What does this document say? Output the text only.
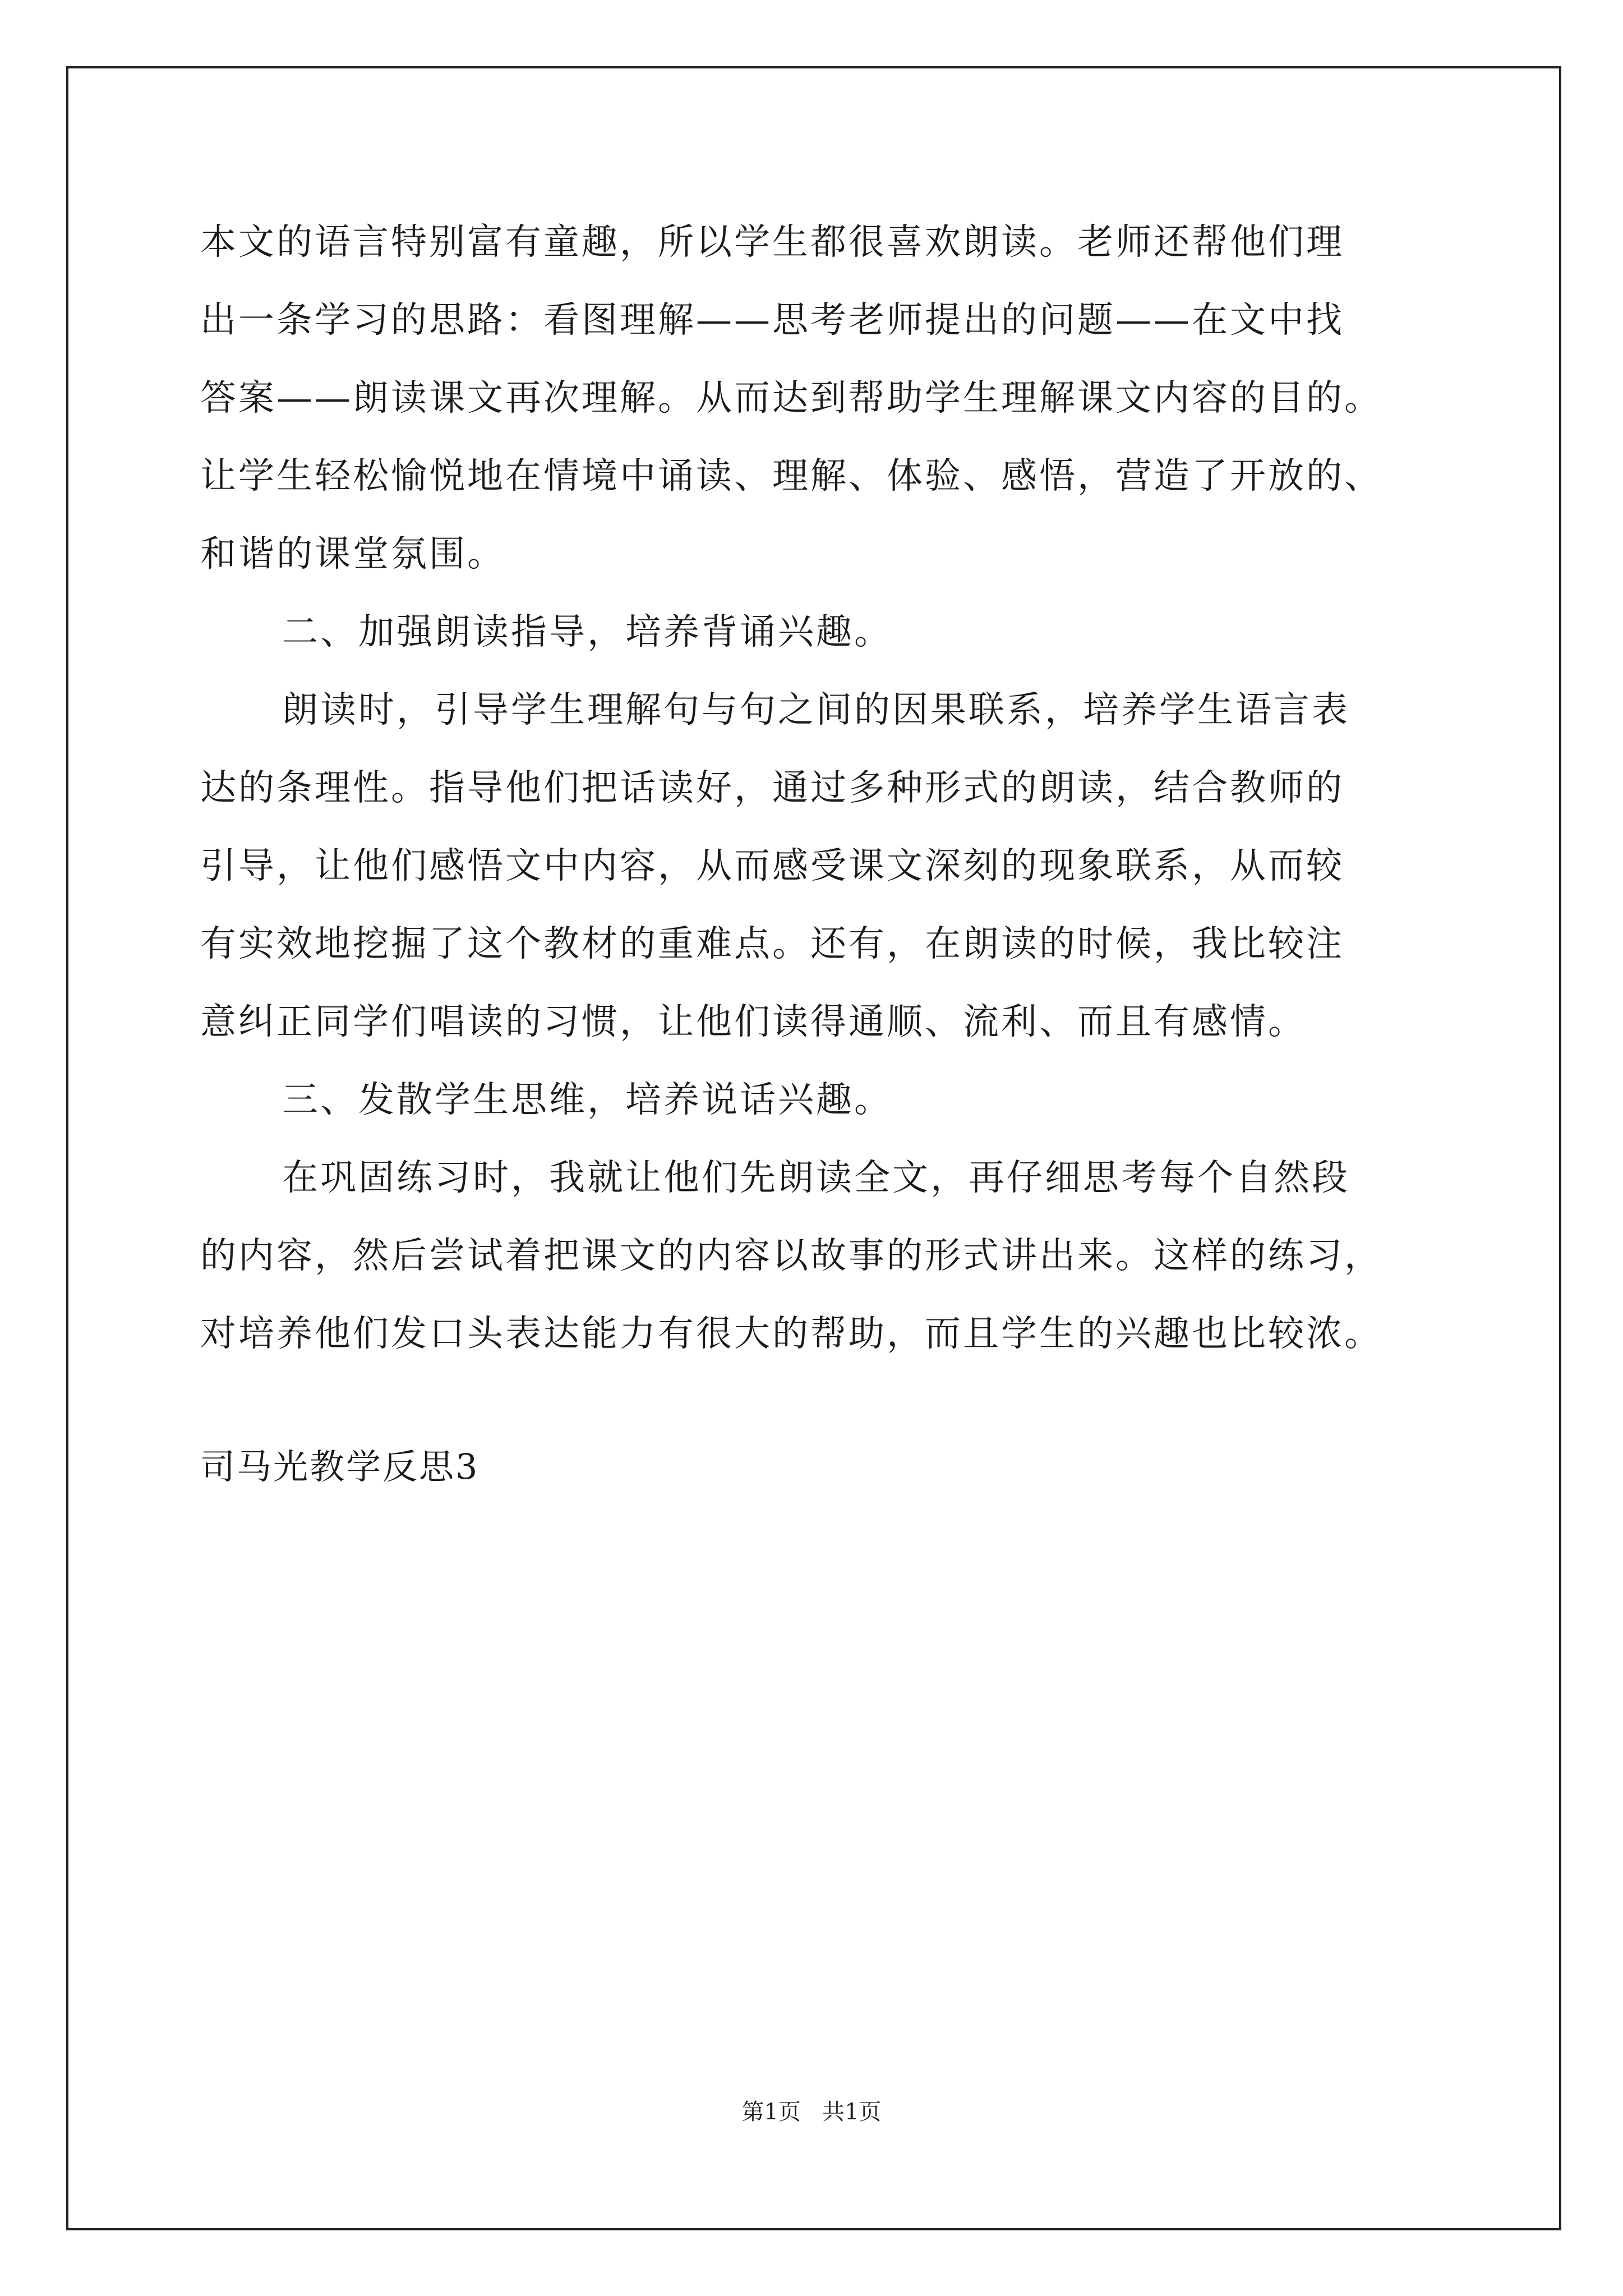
本文的语言特别富有童趣，所以学生都很喜欢朗读。老师还帮他们理

出一条学习的思路：看图理解——思考老师提出的问题——在文中找

答案——朗读课文再次理解。从而达到帮助学生理解课文内容的目的。

让学生轻松愉悦地在情境中诵读、理解、体验、感悟，营造了开放的、

和谐的课堂氛围。

二、加强朗读指导，培养背诵兴趣。

朗读时，引导学生理解句与句之间的因果联系，培养学生语言表

达的条理性。指导他们把话读好，通过多种形式的朗读，结合教师的

引导，让他们感悟文中内容，从而感受课文深刻的现象联系，从而较

有实效地挖掘了这个教材的重难点。还有，在朗读的时候，我比较注

意纠正同学们唱读的习惯，让他们读得通顺、流利、而且有感情。

三、发散学生思维，培养说话兴趣。

在巩固练习时，我就让他们先朗读全文，再仔细思考每个自然段

的内容，然后尝试着把课文的内容以故事的形式讲出来。这样的练习，

对培养他们发口头表达能力有很大的帮助，而且学生的兴趣也比较浓。

司马光教学反思3

第1页   共1页
